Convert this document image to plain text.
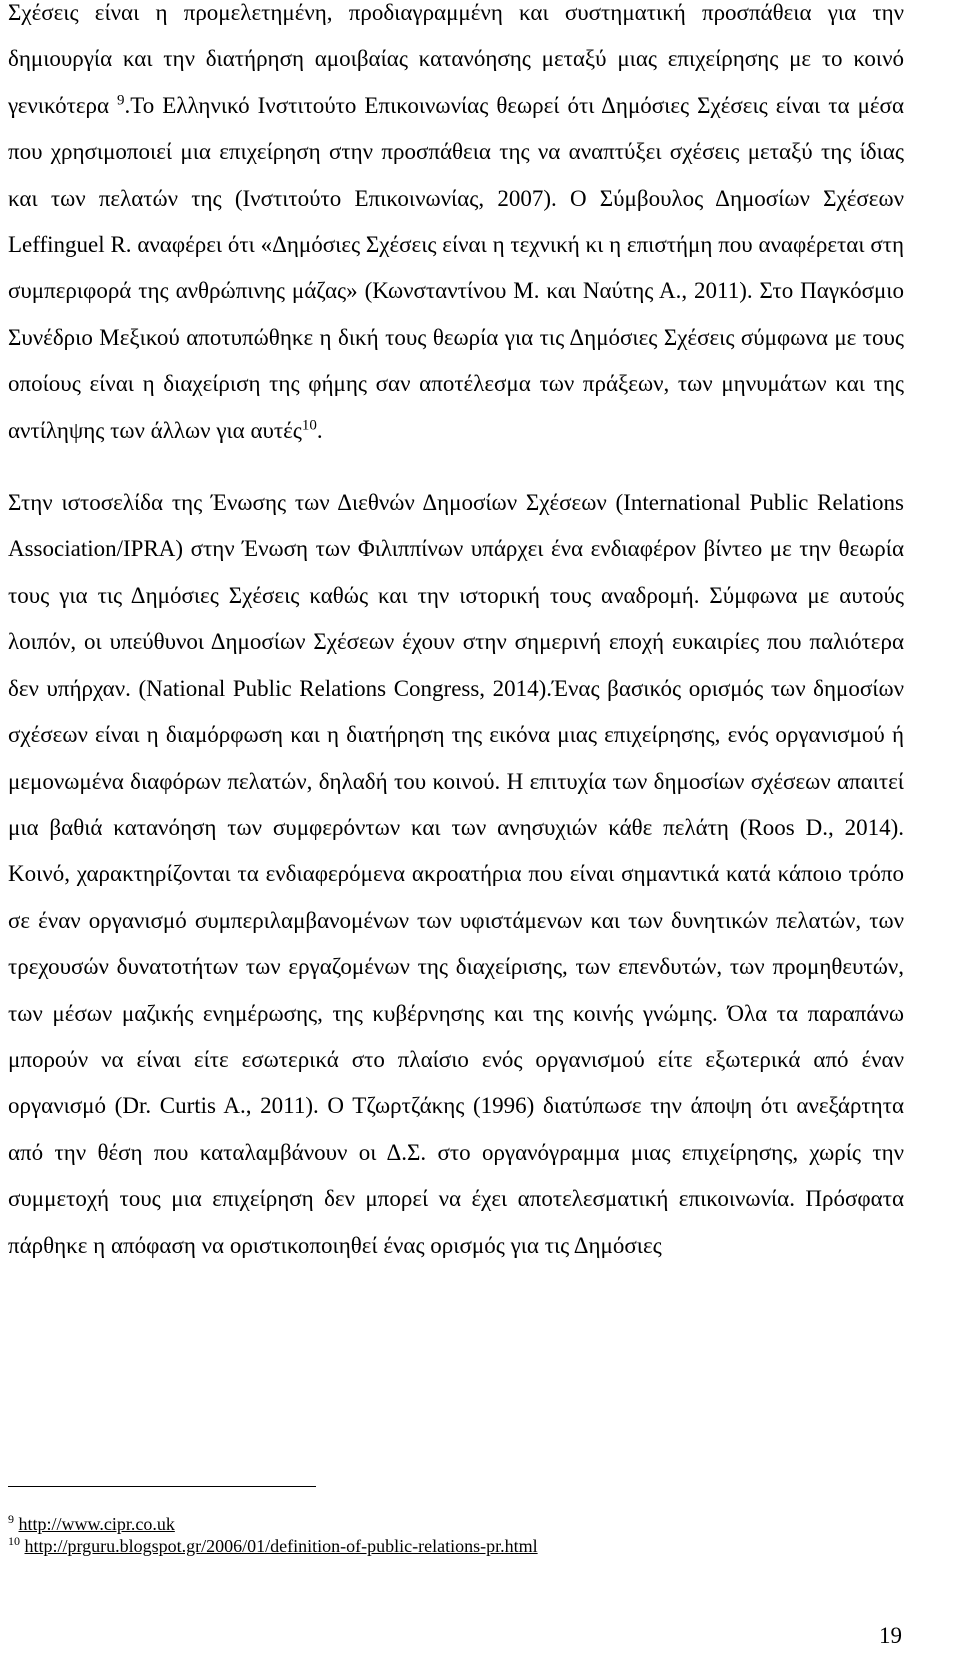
Σχέσεις είναι η προμελετημένη, προδιαγραμμένη και συστηματική προσπάθεια για την δημιουργία και την διατήρηση αμοιβαίας κατανόησης μεταξύ μιας επιχείρησης με το κοινό γενικότερα $^9$.Το Ελληνικό Ινστιτούτο Επικοινωνίας θεωρεί ότι Δημόσιες Σχέσεις είναι τα μέσα που χρησιμοποιεί μια επιχείρηση στην προσπάθεια της να αναπτύξει σχέσεις μεταξύ της ίδιας και των πελατών της (Ινστιτούτο Επικοινωνίας, 2007). Ο Σύμβουλος Δημοσίων Σχέσεων Leffinguel R. αναφέρει ότι «Δημόσιες Σχέσεις είναι η τεχνική κι η επιστήμη που αναφέρεται στη συμπεριφορά της ανθρώπινης μάζας» (Κωνσταντίνου Μ. και Ναύτης Α., 2011). Στο Παγκόσμιο Συνέδριο Μεξικού αποτυπώθηκε η δική τους θεωρία για τις Δημόσιες Σχέσεις σύμφωνα με τους οποίους είναι η διαχείριση της φήμης σαν αποτέλεσμα των πράξεων, των μηνυμάτων και της αντίληψης των άλλων για αυτές$^{10}$.

Στην ιστοσελίδα της Ένωσης των Διεθνών Δημοσίων Σχέσεων (International Public Relations Association/IPRA) στην Ένωση των Φιλιππίνων υπάρχει ένα ενδιαφέρον βίντεο με την θεωρία τους για τις Δημόσιες Σχέσεις καθώς και την ιστορική τους αναδρομή. Σύμφωνα με αυτούς λοιπόν, οι υπεύθυνοι Δημοσίων Σχέσεων έχουν στην σημερινή εποχή ευκαιρίες που παλιότερα δεν υπήρχαν. (National Public Relations Congress, 2014).Ένας βασικός ορισμός των δημοσίων σχέσεων είναι η διαμόρφωση και η διατήρηση της εικόνα μιας επιχείρησης, ενός οργανισμού ή μεμονωμένα διαφόρων πελατών, δηλαδή του κοινού. Η επιτυχία των δημοσίων σχέσεων απαιτεί μια βαθιά κατανόηση των συμφερόντων και των ανησυχιών κάθε πελάτη (Roos D., 2014). Κοινό, χαρακτηρίζονται τα ενδιαφερόμενα ακροατήρια που είναι σημαντικά κατά κάποιο τρόπο σε έναν οργανισμό συμπεριλαμβανομένων των υφιστάμενων και των δυνητικών πελατών, των τρεχουσών δυνατοτήτων των εργαζομένων της διαχείρισης, των επενδυτών, των προμηθευτών, των μέσων μαζικής ενημέρωσης, της κυβέρνησης και της κοινής γνώμης. Όλα τα παραπάνω μπορούν να είναι είτε εσωτερικά στο πλαίσιο ενός οργανισμού είτε εξωτερικά από έναν οργανισμό (Dr. Curtis A., 2011). Ο Τζωρτζάκης (1996) διατύπωσε την άποψη ότι ανεξάρτητα από την θέση που καταλαμβάνουν οι Δ.Σ. στο οργανόγραμμα μιας επιχείρησης, χωρίς την συμμετοχή τους μια επιχείρηση δεν μπορεί να έχει αποτελεσματική επικοινωνία. Πρόσφατα πάρθηκε η απόφαση να οριστικοποιηθεί ένας ορισμός για τις Δημόσιες

$^9$ http://www.cipr.co.uk

$^{10}$ http://prguru.blogspot.gr/2006/01/definition-of-public-relations-pr.html

19
